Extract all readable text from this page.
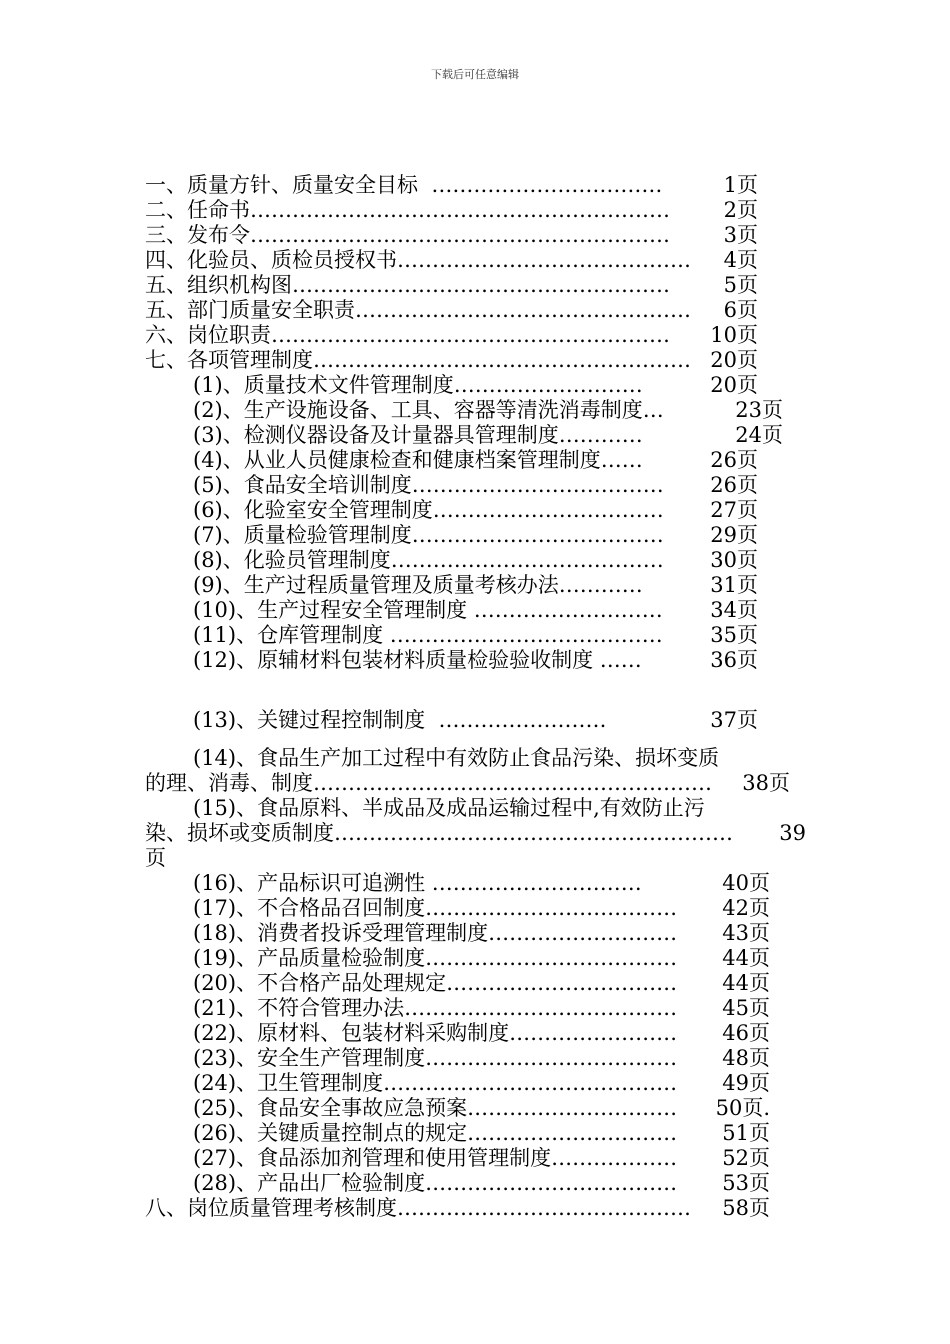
下载后可任意编辑
一、质量方针、质量安全目标  ……………………………	1页
二、任命书……………………………………………………	2页
三、发布令……………………………………………………	3页
四、化验员、质检员授权书……………………………………	4页
五、组织机构图………………………………………………	5页
五、部门质量安全职责…………………………………………	6页
六、岗位职责…………………………………………………	10页
七、各项管理制度……………………………………………… 20页
(1)、质量技术文件管理制度………………………	20页
(2)、生产设施设备、工具、容器等清洗消毒制度…	23页
(3)、检测仪器设备及计量器具管理制度…………	24页
(4)、从业人员健康检查和健康档案管理制度……	26页
(5)、食品安全培训制度………………………………	26页
(6)、化验室安全管理制度……………………………	27页
(7)、质量检验管理制度………………………………	29页
(8)、化验员管理制度…………………………………	30页
(9)、生产过程质量管理及质量考核办法…………	31页
(10)、生产过程安全管理制度 ………………………	34页
(11)、仓库管理制度 …………………………………	35页
(12)、原辅材料包装材料质量检验验收制度 ……	36页
(13)、关键过程控制制度  ……………………	37页
(14)、食品生产加工过程中有效防止食品污染、损坏变质
的理、消毒、制度…………………………………………………	38页
(15)、食品原料、半成品及成品运输过程中,有效防止污
染、损坏或变质制度…………………………………………………	39
页
(16)、产品标识可追溯性 …………………………	40页
(17)、不合格品召回制度………………………………	42页
(18)、消费者投诉受理管理制度………………………	43页
(19)、产品质量检验制度………………………………	44页
(20)、不合格产品处理规定……………………………	44页
(21)、不符合管理办法…………………………………	45页
(22)、原材料、包装材料采购制度……………………	46页
(23)、安全生产管理制度………………………………	48页
(24)、卫生管理制度……………………………………	49页
(25)、食品安全事故应急预案…………………………	50页.
(26)、关键质量控制点的规定…………………………	51页
(27)、食品添加剂管理和使用管理制度………………	52页
(28)、产品出厂检验制度………………………………	53页
八、岗位质量管理考核制度……………………………………	58页
